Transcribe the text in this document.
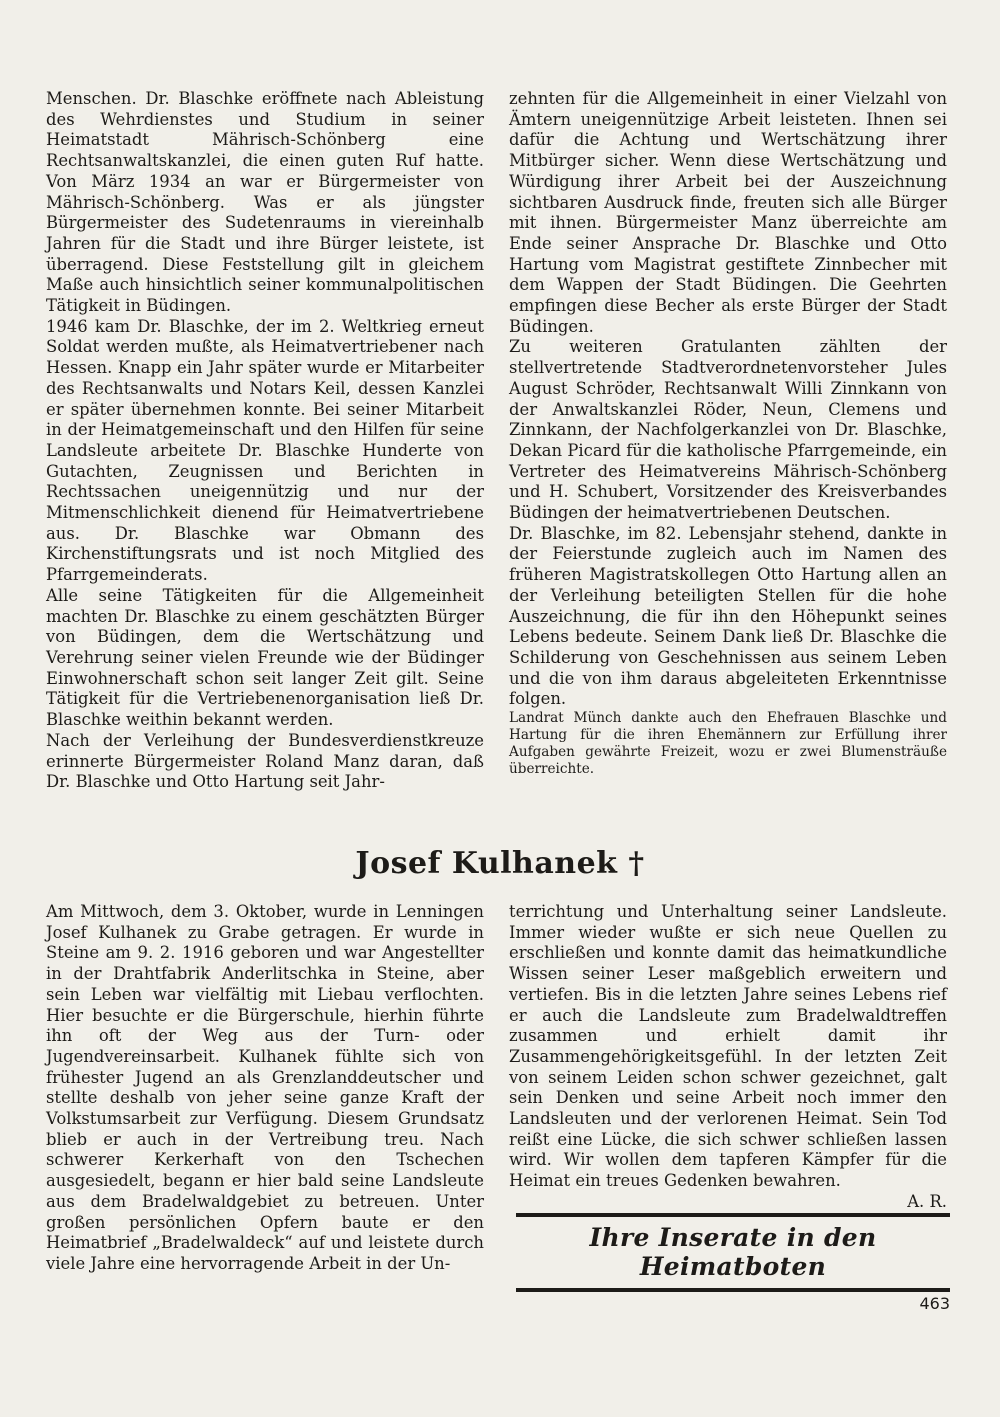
Menschen. Dr. Blaschke eröffnete nach Ableistung des Wehrdienstes und Studium in seiner Heimatstadt Mährisch-Schönberg eine Rechtsanwaltskanzlei, die einen guten Ruf hatte. Von März 1934 an war er Bürgermeister von Mährisch-Schönberg. Was er als jüngster Bürgermeister des Sudetenraums in viereinhalb Jahren für die Stadt und ihre Bürger leistete, ist überragend. Diese Feststellung gilt in gleichem Maße auch hinsichtlich seiner kommunalpolitischen Tätigkeit in Büdingen.

1946 kam Dr. Blaschke, der im 2. Weltkrieg erneut Soldat werden mußte, als Heimatvertriebener nach Hessen. Knapp ein Jahr später wurde er Mitarbeiter des Rechtsanwalts und Notars Keil, dessen Kanzlei er später übernehmen konnte. Bei seiner Mitarbeit in der Heimatgemeinschaft und den Hilfen für seine Landsleute arbeitete Dr. Blaschke Hunderte von Gutachten, Zeugnissen und Berichten in Rechtssachen uneigennützig und nur der Mitmenschlichkeit dienend für Heimatvertriebene aus. Dr. Blaschke war Obmann des Kirchenstiftungsrats und ist noch Mitglied des Pfarrgemeinderats.

Alle seine Tätigkeiten für die Allgemeinheit machten Dr. Blaschke zu einem geschätzten Bürger von Büdingen, dem die Wertschätzung und Verehrung seiner vielen Freunde wie der Büdinger Einwohnerschaft schon seit langer Zeit gilt. Seine Tätigkeit für die Vertriebenenorganisation ließ Dr. Blaschke weithin bekannt werden.

Nach der Verleihung der Bundesverdienstkreuze erinnerte Bürgermeister Roland Manz daran, daß Dr. Blaschke und Otto Hartung seit Jahr-

zehnten für die Allgemeinheit in einer Vielzahl von Ämtern uneigennützige Arbeit leisteten. Ihnen sei dafür die Achtung und Wertschätzung ihrer Mitbürger sicher. Wenn diese Wertschätzung und Würdigung ihrer Arbeit bei der Auszeichnung sichtbaren Ausdruck finde, freuten sich alle Bürger mit ihnen. Bürgermeister Manz überreichte am Ende seiner Ansprache Dr. Blaschke und Otto Hartung vom Magistrat gestiftete Zinnbecher mit dem Wappen der Stadt Büdingen. Die Geehrten empfingen diese Becher als erste Bürger der Stadt Büdingen.

Zu weiteren Gratulanten zählten der stellvertretende Stadtverordnetenvorsteher Jules August Schröder, Rechtsanwalt Willi Zinnkann von der Anwaltskanzlei Röder, Neun, Clemens und Zinnkann, der Nachfolgerkanzlei von Dr. Blaschke, Dekan Picard für die katholische Pfarrgemeinde, ein Vertreter des Heimatvereins Mährisch-Schönberg und H. Schubert, Vorsitzender des Kreisverbandes Büdingen der heimatvertriebenen Deutschen.

Dr. Blaschke, im 82. Lebensjahr stehend, dankte in der Feierstunde zugleich auch im Namen des früheren Magistratskollegen Otto Hartung allen an der Verleihung beteiligten Stellen für die hohe Auszeichnung, die für ihn den Höhepunkt seines Lebens bedeute. Seinem Dank ließ Dr. Blaschke die Schilderung von Geschehnissen aus seinem Leben und die von ihm daraus abgeleiteten Erkenntnisse folgen.

Landrat Münch dankte auch den Ehefrauen Blaschke und Hartung für die ihren Ehemännern zur Erfüllung ihrer Aufgaben gewährte Freizeit, wozu er zwei Blumensträuße überreichte.

Josef Kulhanek †

Am Mittwoch, dem 3. Oktober, wurde in Lenningen Josef Kulhanek zu Grabe getragen. Er wurde in Steine am 9. 2. 1916 geboren und war Angestellter in der Drahtfabrik Anderlitschka in Steine, aber sein Leben war vielfältig mit Liebau verflochten. Hier besuchte er die Bürgerschule, hierhin führte ihn oft der Weg aus der Turn- oder Jugendvereinsarbeit. Kulhanek fühlte sich von frühester Jugend an als Grenzlanddeutscher und stellte deshalb von jeher seine ganze Kraft der Volkstumsarbeit zur Verfügung. Diesem Grundsatz blieb er auch in der Vertreibung treu. Nach schwerer Kerkerhaft von den Tschechen ausgesiedelt, begann er hier bald seine Landsleute aus dem Bradelwaldgebiet zu betreuen. Unter großen persönlichen Opfern baute er den Heimatbrief „Bradelwaldeck“ auf und leistete durch viele Jahre eine hervorragende Arbeit in der Un-

terrichtung und Unterhaltung seiner Landsleute. Immer wieder wußte er sich neue Quellen zu erschließen und konnte damit das heimatkundliche Wissen seiner Leser maßgeblich erweitern und vertiefen. Bis in die letzten Jahre seines Lebens rief er auch die Landsleute zum Bradelwaldtreffen zusammen und erhielt damit ihr Zusammengehörigkeitsgefühl. In der letzten Zeit von seinem Leiden schon schwer gezeichnet, galt sein Denken und seine Arbeit noch immer den Landsleuten und der verlorenen Heimat. Sein Tod reißt eine Lücke, die sich schwer schließen lassen wird. Wir wollen dem tapferen Kämpfer für die Heimat ein treues Gedenken bewahren.

A. R.

Ihre Inserate in den Heimatboten
463
